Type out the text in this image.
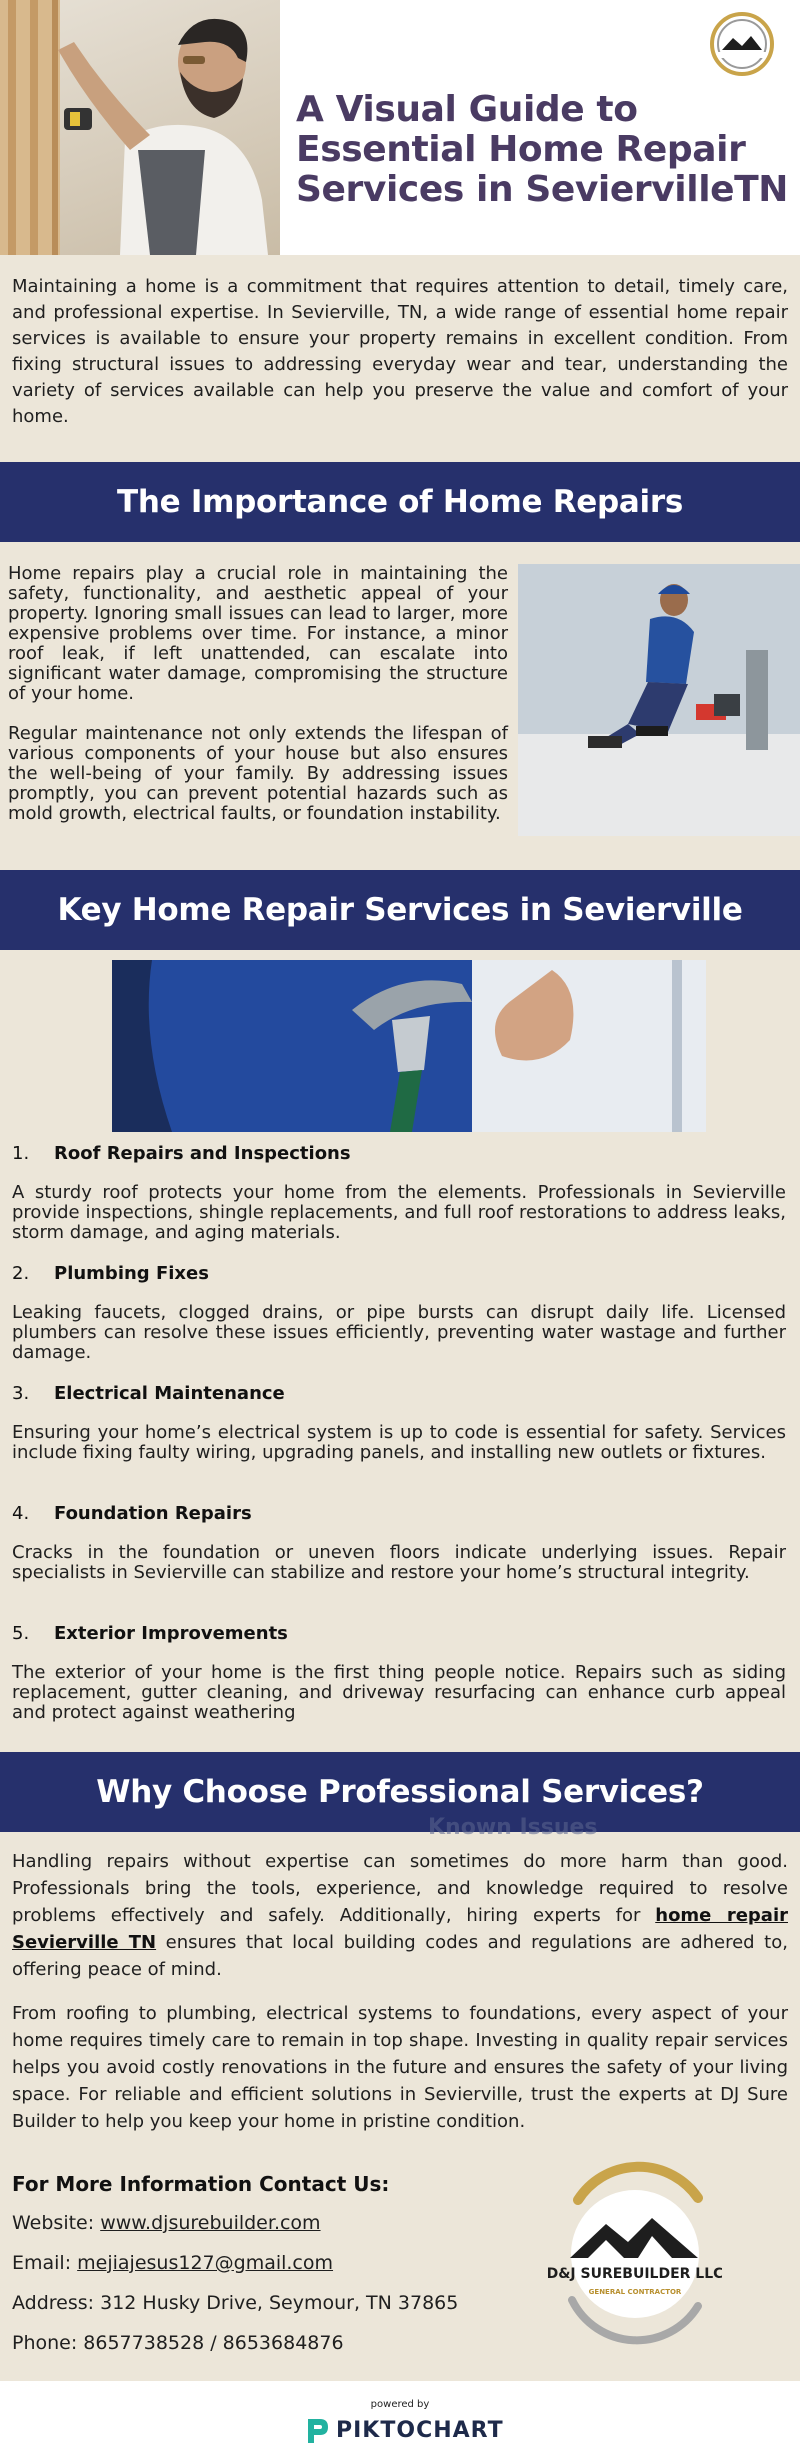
A Visual Guide to Essential Home Repair Services in SeviervilleTN

Maintaining a home is a commitment that requires attention to detail, timely care, and professional expertise. In Sevierville, TN, a wide range of essential home repair services is available to ensure your property remains in excellent condition. From fixing structural issues to addressing everyday wear and tear, understanding the variety of services available can help you preserve the value and comfort of your home.

The Importance of Home Repairs

Home repairs play a crucial role in maintaining the safety, functionality, and aesthetic appeal of your property. Ignoring small issues can lead to larger, more expensive problems over time. For instance, a minor roof leak, if left unattended, can escalate into significant water damage, compromising the structure of your home.

Regular maintenance not only extends the lifespan of various components of your house but also ensures the well-being of your family. By addressing issues promptly, you can prevent potential hazards such as mold growth, electrical faults, or foundation instability.

Key Home Repair Services in Sevierville
1. Roof Repairs and Inspections

A sturdy roof protects your home from the elements. Professionals in Sevierville provide inspections, shingle replacements, and full roof restorations to address leaks, storm damage, and aging materials.

2. Plumbing Fixes

Leaking faucets, clogged drains, or pipe bursts can disrupt daily life. Licensed plumbers can resolve these issues efficiently, preventing water wastage and further damage.

3. Electrical Maintenance

Ensuring your home’s electrical system is up to code is essential for safety. Services include fixing faulty wiring, upgrading panels, and installing new outlets or fixtures.

4. Foundation Repairs

Cracks in the foundation or uneven floors indicate underlying issues. Repair specialists in Sevierville can stabilize and restore your home’s structural integrity.

5. Exterior Improvements

The exterior of your home is the first thing people notice. Repairs such as siding replacement, gutter cleaning, and driveway resurfacing can enhance curb appeal and protect against weathering

Why Choose Professional Services?
Known Issues

Handling repairs without expertise can sometimes do more harm than good. Professionals bring the tools, experience, and knowledge required to resolve problems effectively and safely. Additionally, hiring experts for home repair Sevierville TN ensures that local building codes and regulations are adhered to, offering peace of mind.

From roofing to plumbing, electrical systems to foundations, every aspect of your home requires timely care to remain in top shape. Investing in quality repair services helps you avoid costly renovations in the future and ensures the safety of your living space. For reliable and efficient solutions in Sevierville, trust the experts at DJ Sure Builder to help you keep your home in pristine condition.

For More Information Contact Us:
Website: www.djsurebuilder.com
Email: mejiajesus127@gmail.com
Address: 312 Husky Drive, Seymour, TN 37865
Phone: 8657738528 / 8653684876
D&J SUREBUILDER LLC
GENERAL CONTRACTOR
powered by
PIKTOCHART
